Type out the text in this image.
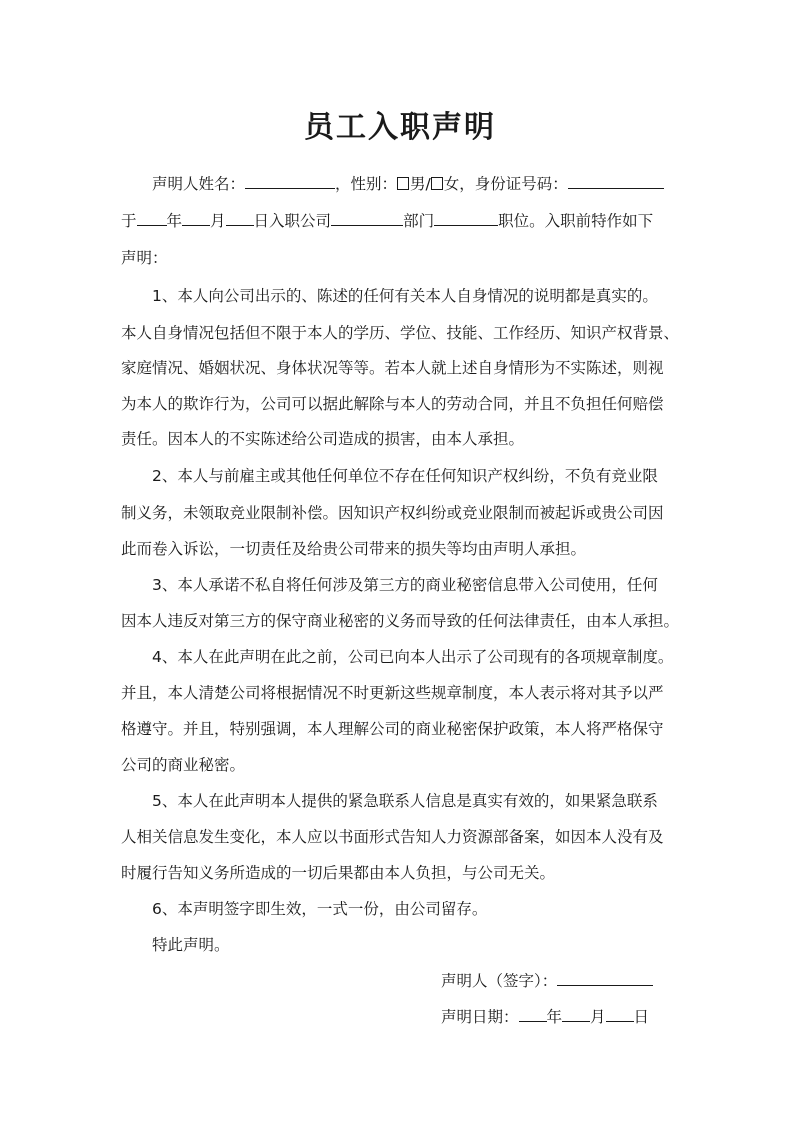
员工入职声明
声明人姓名：	，性别： 男/ 女，身份证号码：
于 年 月 日入职公司	部门	职位。入职前特作如下
声明：
1、本人向公司出示的、陈述的任何有关本人自身情况的说明都是真实的。
本人自身情况包括但不限于本人的学历、学位、技能、工作经历、知识产权背景、
家庭情况、婚姻状况、身体状况等等。若本人就上述自身情形为不实陈述，则视
为本人的欺诈行为，公司可以据此解除与本人的劳动合同，并且不负担任何赔偿
责任。因本人的不实陈述给公司造成的损害，由本人承担。
2、本人与前雇主或其他任何单位不存在任何知识产权纠纷，不负有竞业限
制义务，未领取竞业限制补偿。因知识产权纠纷或竞业限制而被起诉或贵公司因
此而卷入诉讼，一切责任及给贵公司带来的损失等均由声明人承担。
3、本人承诺不私自将任何涉及第三方的商业秘密信息带入公司使用，任何
因本人违反对第三方的保守商业秘密的义务而导致的任何法律责任，由本人承担。
4、本人在此声明在此之前，公司已向本人出示了公司现有的各项规章制度。
并且，本人清楚公司将根据情况不时更新这些规章制度，本人表示将对其予以严
格遵守。并且，特别强调，本人理解公司的商业秘密保护政策，本人将严格保守
公司的商业秘密。
5、本人在此声明本人提供的紧急联系人信息是真实有效的，如果紧急联系
人相关信息发生变化，本人应以书面形式告知人力资源部备案，如因本人没有及
时履行告知义务所造成的一切后果都由本人负担，与公司无关。
6、本声明签字即生效，一式一份，由公司留存。
特此声明。
声明人（签字）：
声明日期： 年 月 日
